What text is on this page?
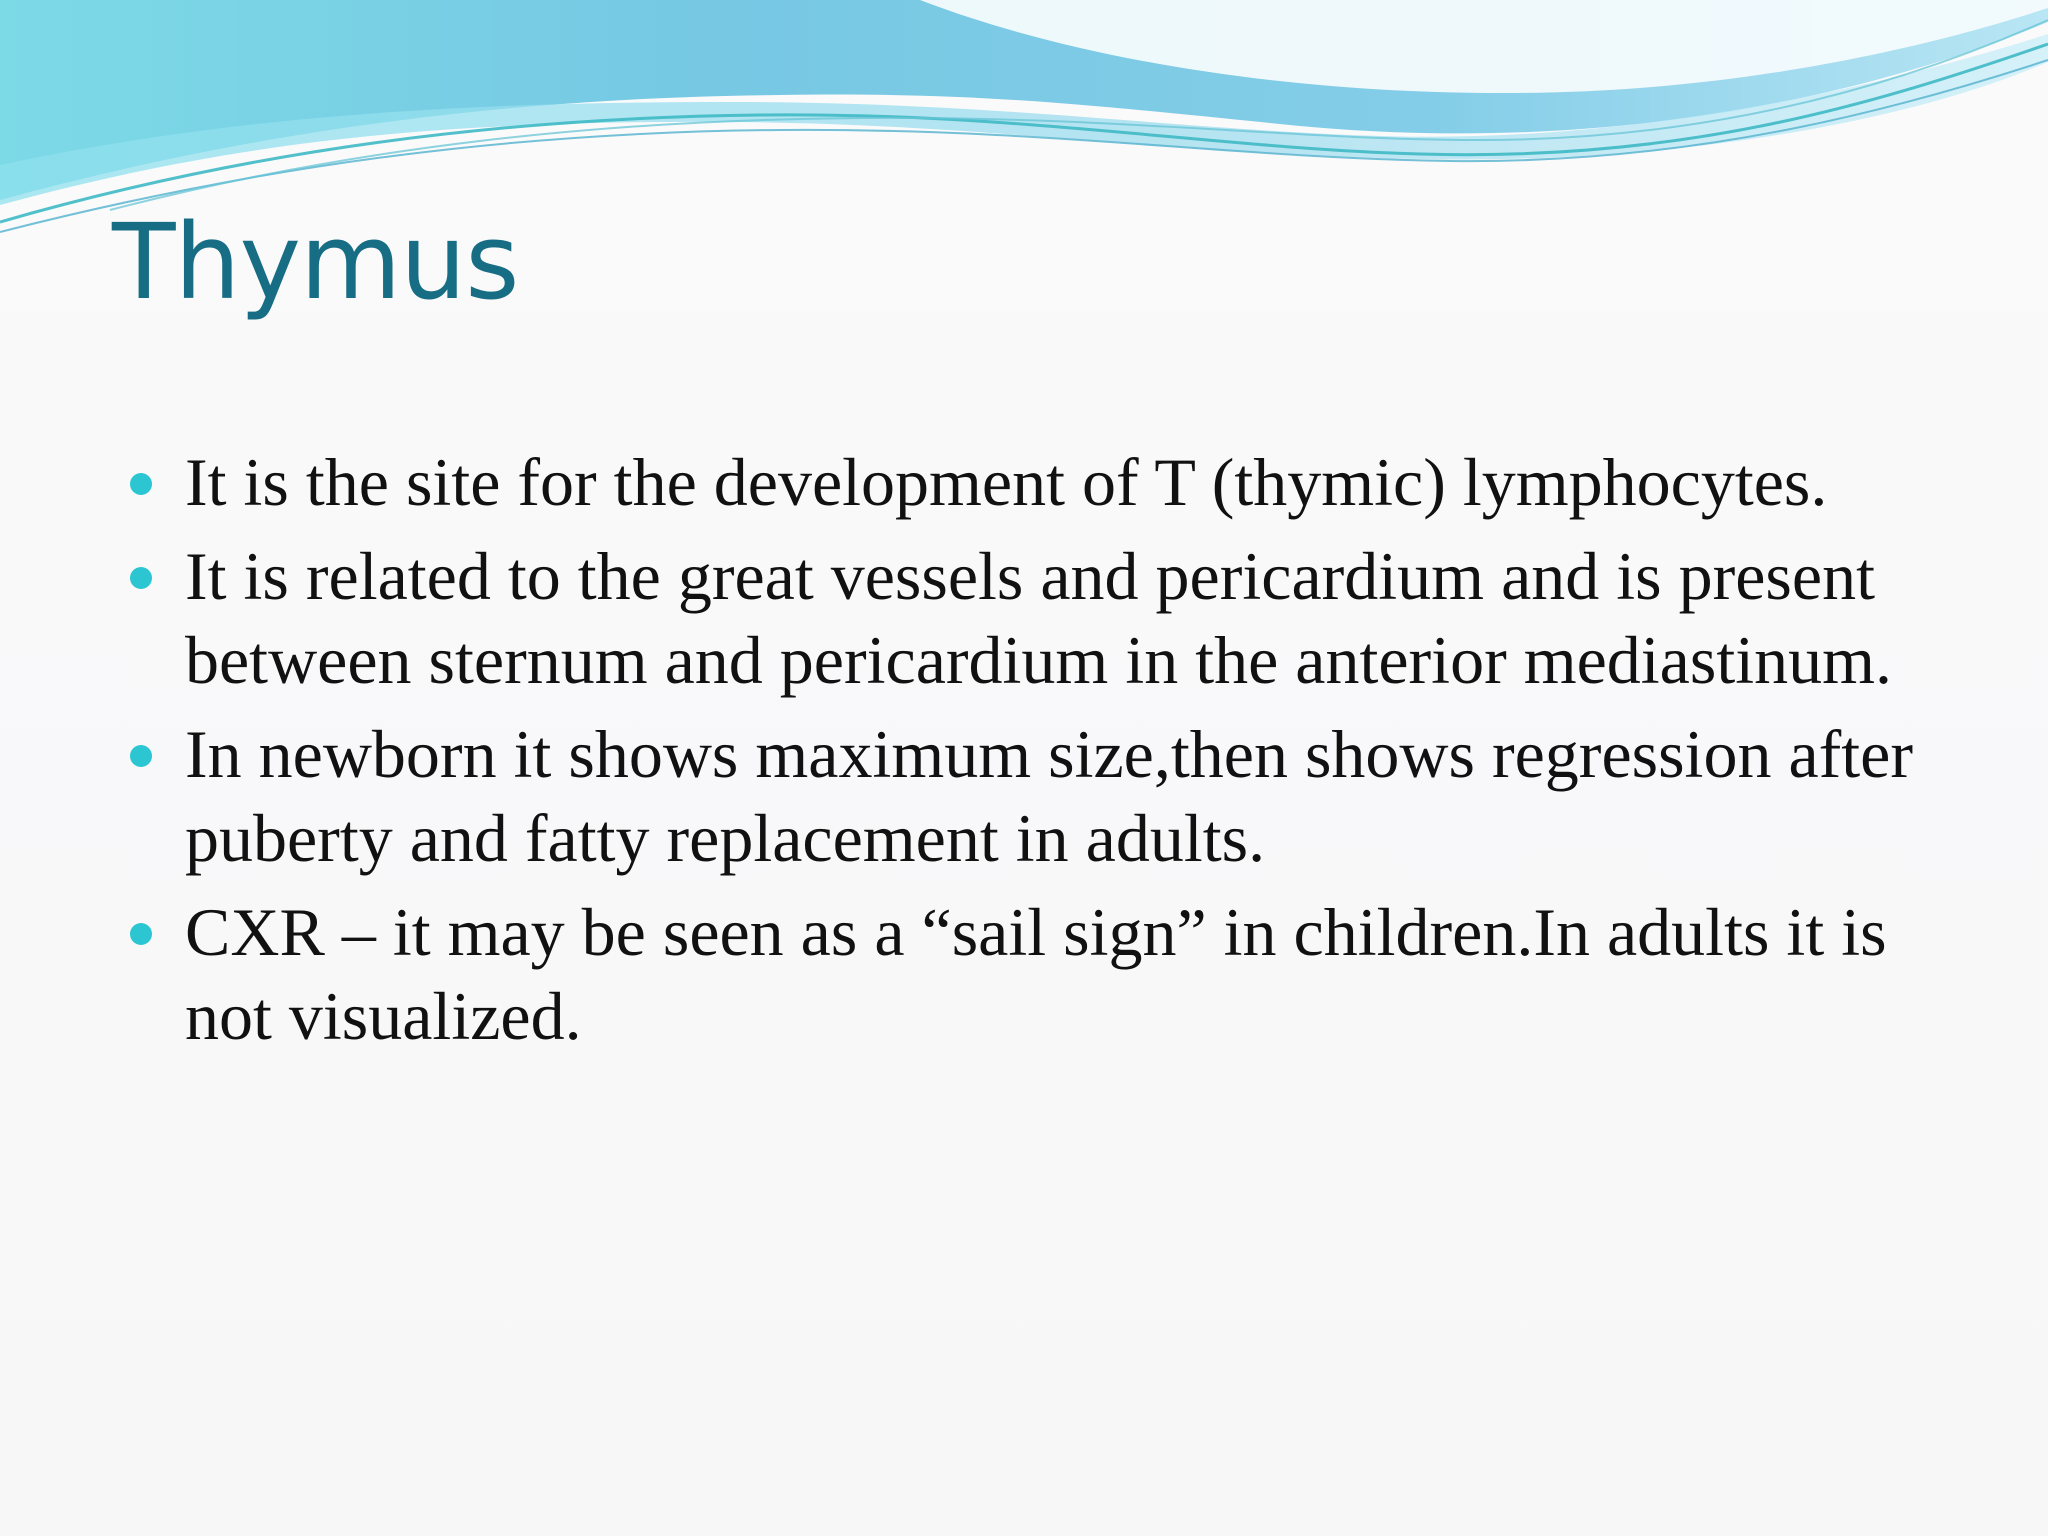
Thymus
It is the site for the development of T (thymic) lymphocytes.
It is related to the great vessels and pericardium and is present between sternum and pericardium in the anterior mediastinum.
In newborn it shows maximum size,then shows regression after puberty and fatty replacement in adults.
CXR – it may be seen as a “sail sign” in children.In adults it is not visualized.
